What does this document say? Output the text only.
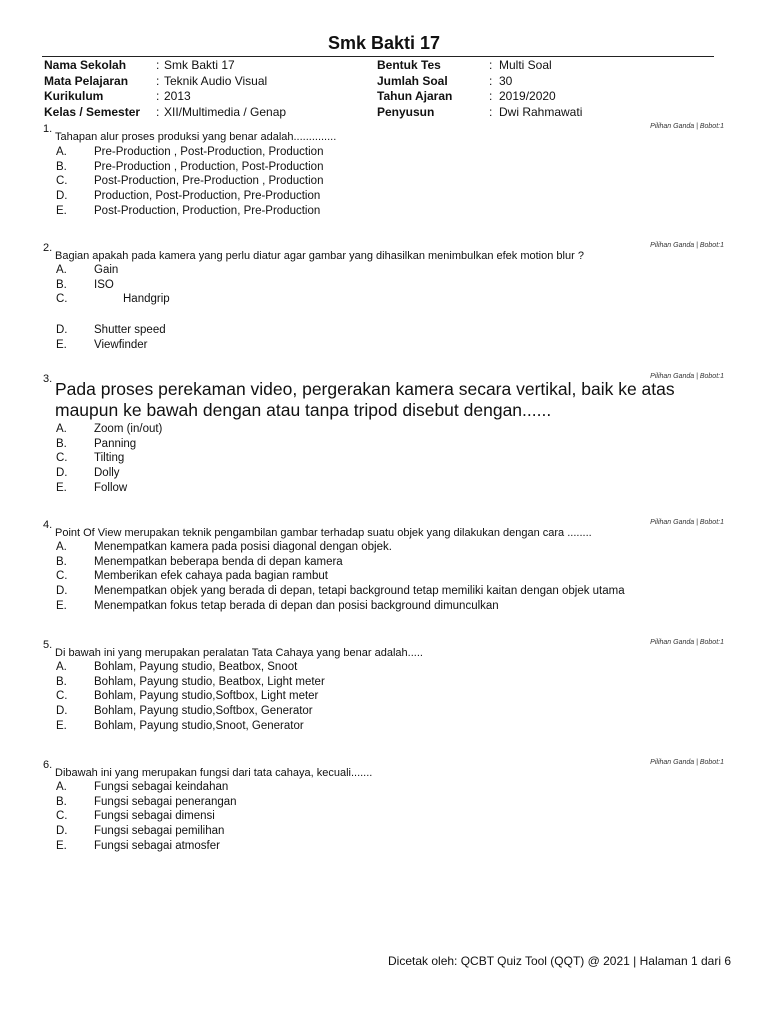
Smk Bakti 17
Nama Sekolah : Smk Bakti 17
Mata Pelajaran : Teknik Audio Visual
Kurikulum	: 2013
Kelas / Semester : XII/Multimedia / Genap
Bentuk Tes	: Multi Soal
Jumlah Soal	: 30
Tahun Ajaran	: 2019/2020
Penyusun	: Dwi Rahmawati
1.	Pilihan Ganda | Bobot:1
Tahapan alur proses produksi yang benar adalah..............
A. Pre-Production , Post-Production, Production
B. Pre-Production , Production, Post-Production
C. Post-Production, Pre-Production , Production
D. Production, Post-Production, Pre-Production
E. Post-Production, Production, Pre-Production
2.	Pilihan Ganda | Bobot:1
Bagian apakah pada kamera yang perlu diatur agar gambar yang dihasilkan menimbulkan efek motion blur ?
A. Gain
B. ISO
C.	Handgrip
D. Shutter speed
E. Viewfinder
3.	Pilihan Ganda | Bobot:1
Pada proses perekaman video, pergerakan kamera secara vertikal, baik ke atas maupun ke bawah dengan atau tanpa tripod disebut dengan......
A. Zoom (in/out)
B. Panning
C. Tilting
D. Dolly
E. Follow
4.	Pilihan Ganda | Bobot:1
Point Of View merupakan teknik pengambilan gambar terhadap suatu objek yang dilakukan dengan cara ........
A. Menempatkan kamera pada posisi diagonal dengan objek.
B. Menempatkan beberapa benda di depan kamera
C. Memberikan efek cahaya pada bagian rambut
D. Menempatkan objek yang berada di depan, tetapi background tetap memiliki kaitan dengan objek utama
E. Menempatkan fokus tetap berada di depan dan posisi background dimunculkan
5.	Pilihan Ganda | Bobot:1
Di bawah ini yang merupakan peralatan Tata Cahaya yang benar adalah.....
A. Bohlam, Payung studio, Beatbox, Snoot
B. Bohlam, Payung studio, Beatbox, Light meter
C. Bohlam, Payung studio,Softbox, Light meter
D. Bohlam, Payung studio,Softbox, Generator
E. Bohlam, Payung studio,Snoot, Generator
6.	Pilihan Ganda | Bobot:1
Dibawah ini yang merupakan fungsi dari tata cahaya, kecuali.......
A. Fungsi sebagai keindahan
B. Fungsi sebagai penerangan
C. Fungsi sebagai dimensi
D. Fungsi sebagai pemilihan
E. Fungsi sebagai atmosfer
Dicetak oleh: QCBT Quiz Tool (QQT) @ 2021 | Halaman 1 dari 6
